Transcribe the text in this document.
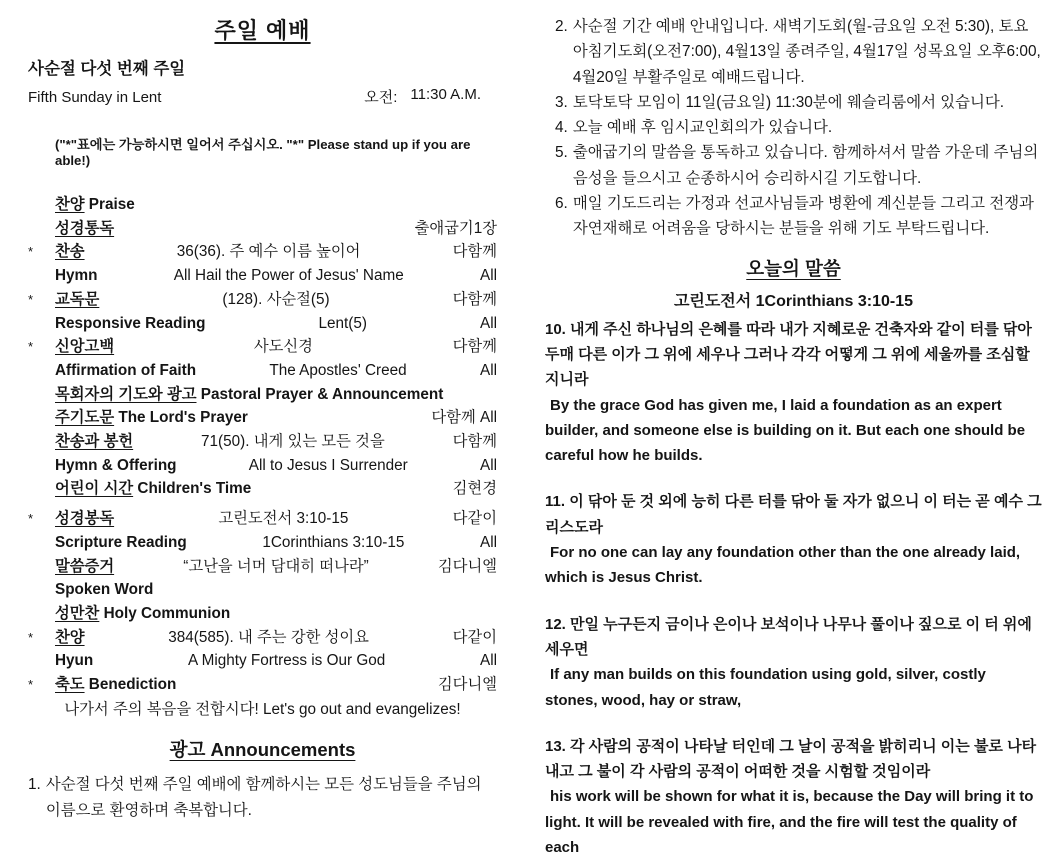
주일 예배
사순절 다섯 번째 주일
Fifth Sunday in Lent	오전: 11:30 A.M.
("*"표에는 가능하시면 일어서 주십시오. "*" Please stand up if you are able!)
찬양 Praise
성경통독	출애굽기1장
*	찬송	36(36). 주 예수 이름 높이어	다함께
Hymn	All Hail the Power of Jesus' Name	All
*	교독문	(128). 사순절(5)	다함께
Responsive Reading	Lent(5)	All
*	신앙고백	사도신경	다함께
Affirmation of Faith	The Apostles' Creed	All
목회자의 기도와 광고 Pastoral Prayer & Announcement
주기도문 The Lord's Prayer	다함께 All
찬송과 봉헌	71(50). 내게 있는 모든 것을	다함께
Hymn & Offering	All to Jesus I Surrender	All
어린이 시간 Children's Time	김현경
*	성경봉독	고린도전서 3:10-15	다같이
Scripture Reading	1Corinthians 3:10-15	All
말씀증거	“고난을 너머 담대히 떠나라”	김다니엘
Spoken Word
성만찬 Holy Communion
*	찬양	384(585). 내 주는 강한 성이요	다같이
Hyun	A Mighty Fortress is Our God	All
*	축도 Benediction	김다니엘
나가서 주의 복음을 전합시다! Let's go out and evangelizes!
광고 Announcements
1. 사순절 다섯 번째 주일 예배에 함께하시는 모든 성도님들을 주님의 이름으로 환영하며 축복합니다.
2. 사순절 기간 예배 안내입니다. 새벽기도회(월-금요일 오전 5:30), 토요아침기도회(오전7:00), 4월13일 종려주일, 4월17일 성목요일 오후6:00, 4월20일 부활주일로 예배드립니다.
3. 토닥토닥 모임이 11일(금요일) 11:30분에 웨슬리룸에서 있습니다.
4. 오늘 예배 후 임시교인회의가 있습니다.
5. 출애굽기의 말씀을 통독하고 있습니다. 함께하셔서 말씀 가운데 주님의 음성을 들으시고 순종하시어 승리하시길 기도합니다.
6. 매일 기도드리는 가정과 선교사님들과 병환에 계신분들 그리고 전쟁과 자연재해로 어려움을 당하시는 분들을 위해 기도 부탁드립니다.
오늘의 말씀
고린도전서 1Corinthians 3:10-15
10. 내게 주신 하나님의 은혜를 따라 내가 지혜로운 건축자와 같이 터를 닦아 두매 다른 이가 그 위에 세우나 그러나 각각 어떻게 그 위에 세울까를 조심할지니라
By the grace God has given me, I laid a foundation as an expert builder, and someone else is building on it. But each one should be careful how he builds.
11. 이 닦아 둔 것 외에 능히 다른 터를 닦아 둘 자가 없으니 이 터는 곧 예수 그리스도라
For no one can lay any foundation other than the one already laid, which is Jesus Christ.
12. 만일 누구든지 금이나 은이나 보석이나 나무나 풀이나 짚으로 이 터 위에 세우면
If any man builds on this foundation using gold, silver, costly stones, wood, hay or straw,
13. 각 사람의 공적이 나타날 터인데 그 날이 공적을 밝히리니 이는 불로 나타내고 그 불이 각 사람의 공적이 어떠한 것을 시험할 것임이라
his work will be shown for what it is, because the Day will bring it to light. It will be revealed with fire, and the fire will test the quality of each
